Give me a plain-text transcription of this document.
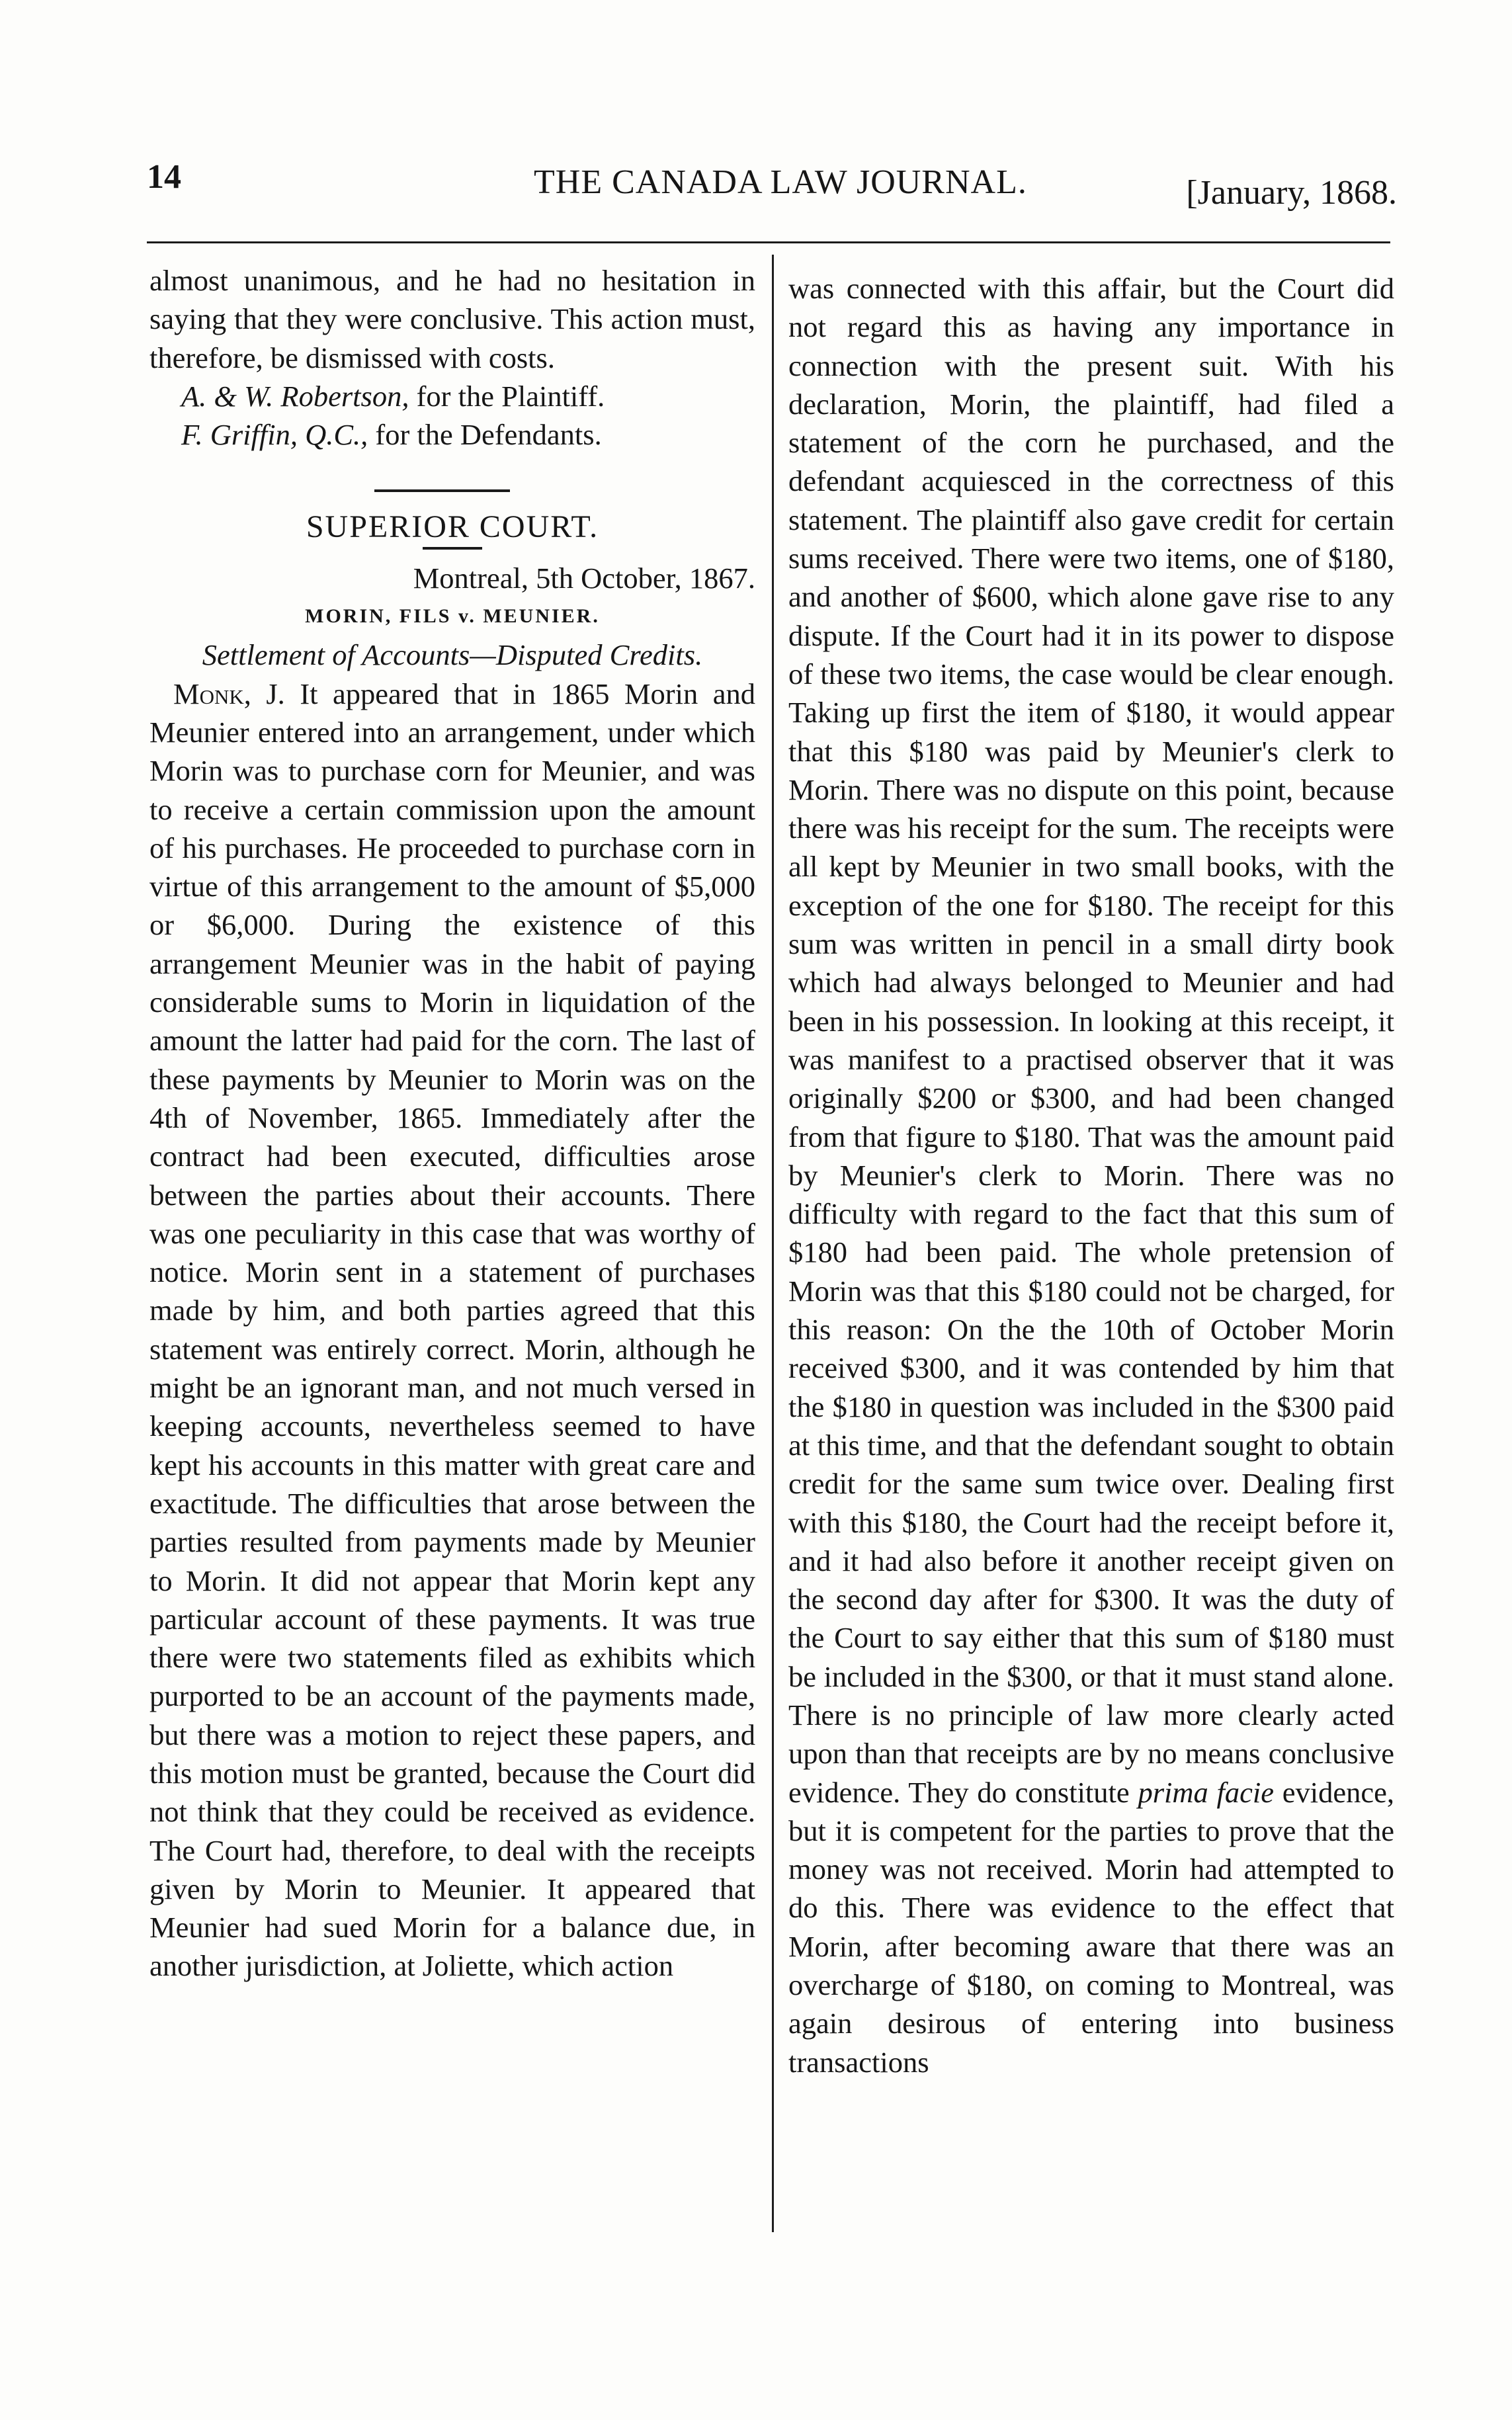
14	THE CANADA LAW JOURNAL.	[January, 1868.

almost unanimous, and he had no hesitation in saying that they were conclusive. This action must, therefore, be dismissed with costs.

A. & W. Robertson, for the Plaintiff.

F. Griffin, Q.C., for the Defendants.

SUPERIOR COURT.

Montreal, 5th October, 1867.

MORIN, FILS v. MEUNIER.

Settlement of Accounts—Disputed Credits.

Monk, J. It appeared that in 1865 Morin and Meunier entered into an arrangement, under which Morin was to purchase corn for Meunier, and was to receive a certain commission upon the amount of his purchases. He proceeded to purchase corn in virtue of this arrangement to the amount of $5,000 or $6,000. During the existence of this arrangement Meunier was in the habit of paying considerable sums to Morin in liquidation of the amount the latter had paid for the corn. The last of these payments by Meunier to Morin was on the 4th of November, 1865. Immediately after the contract had been executed, difficulties arose between the parties about their accounts. There was one peculiarity in this case that was worthy of notice. Morin sent in a statement of purchases made by him, and both parties agreed that this statement was entirely correct. Morin, although he might be an ignorant man, and not much versed in keeping accounts, nevertheless seemed to have kept his accounts in this matter with great care and exactitude. The difficulties that arose between the parties resulted from payments made by Meunier to Morin. It did not appear that Morin kept any particular account of these payments. It was true there were two statements filed as exhibits which purported to be an account of the payments made, but there was a motion to reject these papers, and this motion must be granted, because the Court did not think that they could be received as evidence. The Court had, therefore, to deal with the receipts given by Morin to Meunier. It appeared that Meunier had sued Morin for a balance due, in another jurisdiction, at Joliette, which action

was connected with this affair, but the Court did not regard this as having any importance in connection with the present suit. With his declaration, Morin, the plaintiff, had filed a statement of the corn he purchased, and the defendant acquiesced in the correctness of this statement. The plaintiff also gave credit for certain sums received. There were two items, one of $180, and another of $600, which alone gave rise to any dispute. If the Court had it in its power to dispose of these two items, the case would be clear enough. Taking up first the item of $180, it would appear that this $180 was paid by Meunier's clerk to Morin. There was no dispute on this point, because there was his receipt for the sum. The receipts were all kept by Meunier in two small books, with the exception of the one for $180. The receipt for this sum was written in pencil in a small dirty book which had always belonged to Meunier and had been in his possession. In looking at this receipt, it was manifest to a practised observer that it was originally $200 or $300, and had been changed from that figure to $180. That was the amount paid by Meunier's clerk to Morin. There was no difficulty with regard to the fact that this sum of $180 had been paid. The whole pretension of Morin was that this $180 could not be charged, for this reason: On the the 10th of October Morin received $300, and it was contended by him that the $180 in question was included in the $300 paid at this time, and that the defendant sought to obtain credit for the same sum twice over. Dealing first with this $180, the Court had the receipt before it, and it had also before it another receipt given on the second day after for $300. It was the duty of the Court to say either that this sum of $180 must be included in the $300, or that it must stand alone. There is no principle of law more clearly acted upon than that receipts are by no means conclusive evidence. They do constitute prima facie evidence, but it is competent for the parties to prove that the money was not received. Morin had attempted to do this. There was evidence to the effect that Morin, after becoming aware that there was an overcharge of $180, on coming to Montreal, was again desirous of entering into business transactions
